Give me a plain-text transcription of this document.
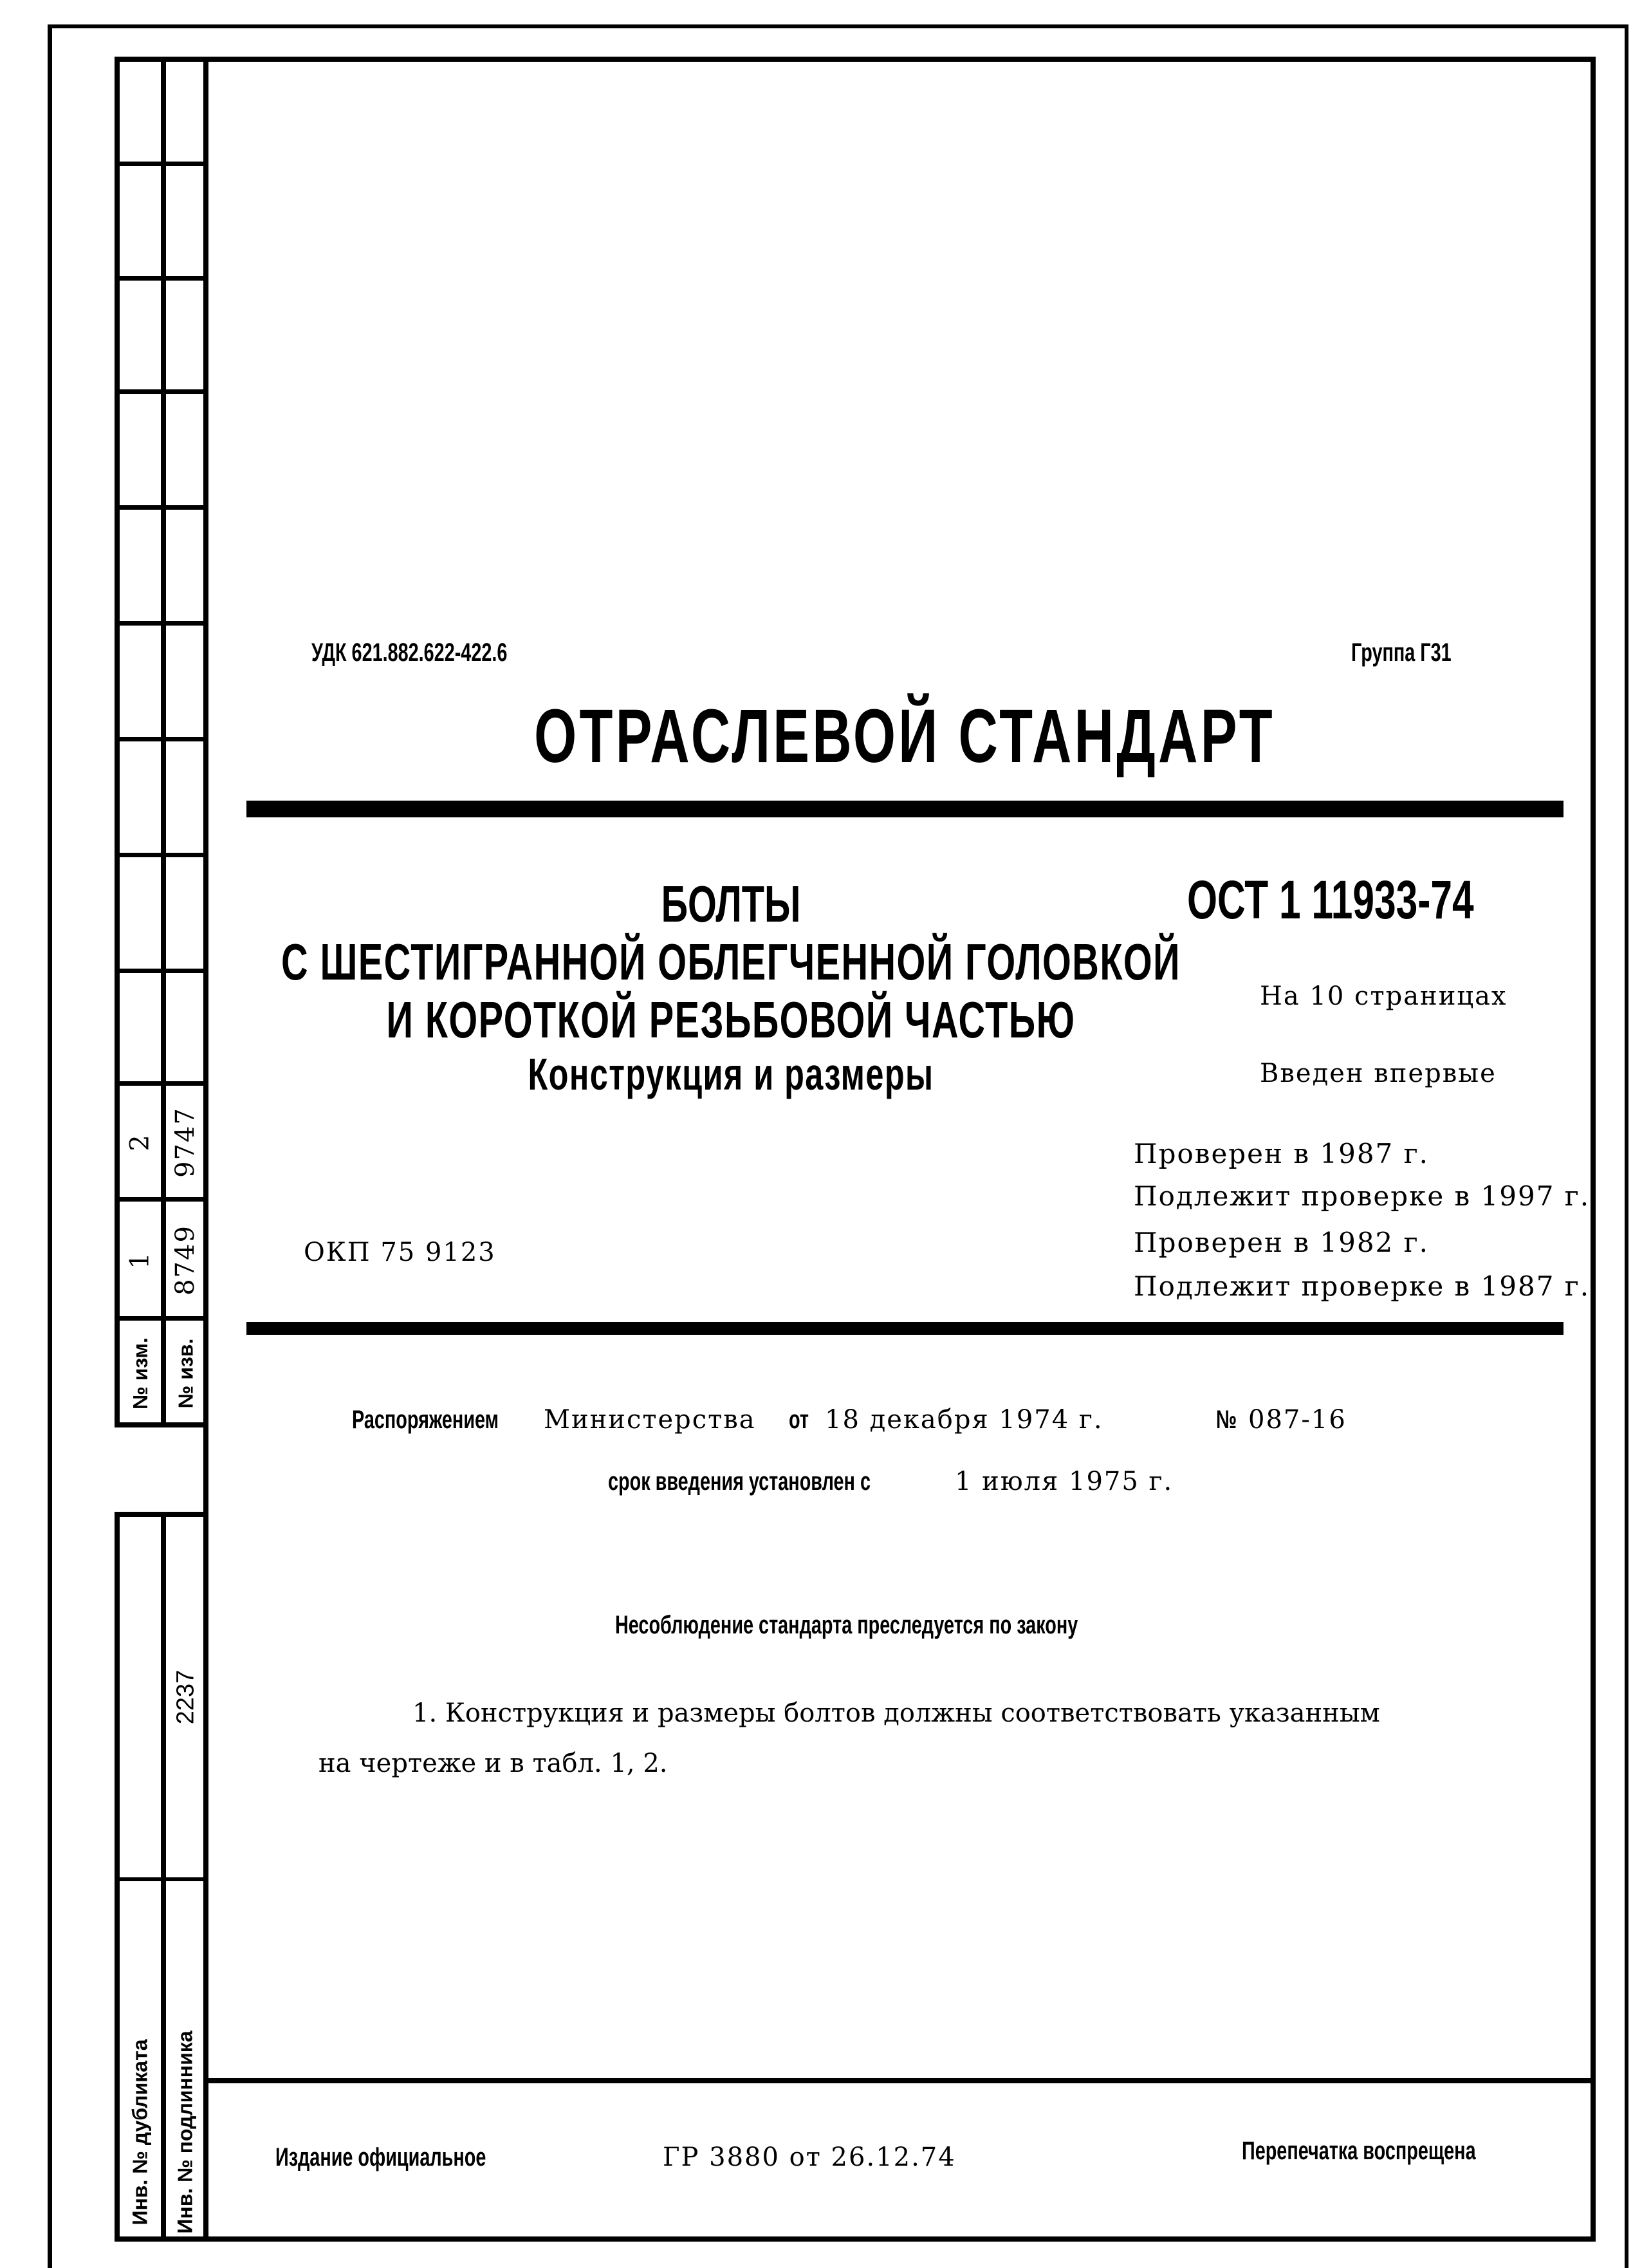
2 9747
1 8749
№ изм. № изв.
2237
Инв. № дубликата Инв. № подлинника
УДК 621.882.622-422.6	Группа Г31
ОТРАСЛЕВОЙ СТАНДАРТ
БОЛТЫ
С ШЕСТИГРАННОЙ ОБЛЕГЧЕННОЙ ГОЛОВКОЙ
И КОРОТКОЙ РЕЗЬБОВОЙ ЧАСТЬЮ
Конструкция и размеры
ОСТ 1 11933-74
На 10 страницах
Введен впервые
Проверен в 1987 г.
Подлежит проверке в 1997 г.
Проверен в 1982 г.
Подлежит проверке в 1987 г.
ОКП 75 9123
Распоряжением Министерства от 18 декабря 1974 г.	№ 087-16
срок введения установлен с	1 июля 1975 г.
Несоблюдение стандарта преследуется по закону
1. Конструкция и размеры болтов должны соответствовать указанным
на чертеже и в табл. 1, 2.
Издание официальное	ГР 3880 от 26.12.74	Перепечатка воспрещена
